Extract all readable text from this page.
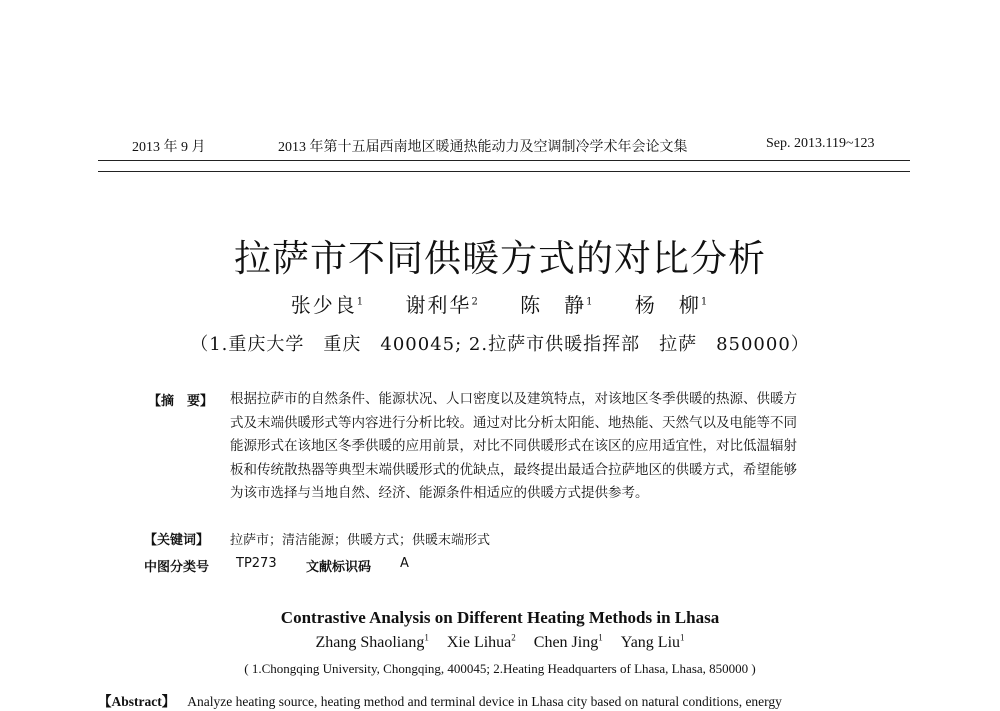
2013 年 9 月	2013 年第十五届西南地区暖通热能动力及空调制冷学术年会论文集	Sep. 2013.119~123
拉萨市不同供暖方式的对比分析
张少良$^1$ 谢利华$^2$ 陈　静$^1$ 杨　柳$^1$
（1.重庆大学　重庆　400045; 2.拉萨市供暖指挥部　拉萨　850000）
【摘　要】 根据拉萨市的自然条件、能源状况、人口密度以及建筑特点，对该地区冬季供暖的热源、供暖方
式及末端供暖形式等内容进行分析比较。通过对比分析太阳能、地热能、天然气以及电能等不同
能源形式在该地区冬季供暖的应用前景，对比不同供暖形式在该区的应用适宜性，对比低温辐射
板和传统散热器等典型末端供暖形式的优缺点，最终提出最适合拉萨地区的供暖方式，希望能够
为该市选择与当地自然、经济、能源条件相适应的供暖方式提供参考。
【关键词】 拉萨市；清洁能源；供暖方式；供暖末端形式
中图分类号 TP273 文献标识码 A
Contrastive Analysis on Different Heating Methods in Lhasa
Zhang Shaoliang$^1$ Xie Lihua$^2$ Chen Jing$^1$ Yang Liu$^1$
( 1.Chongqing University, Chongqing, 400045; 2.Heating Headquarters of Lhasa, Lhasa, 850000 )
【Abstract】 Analyze heating source, heating method and terminal device in Lhasa city based on natural conditions, energy
